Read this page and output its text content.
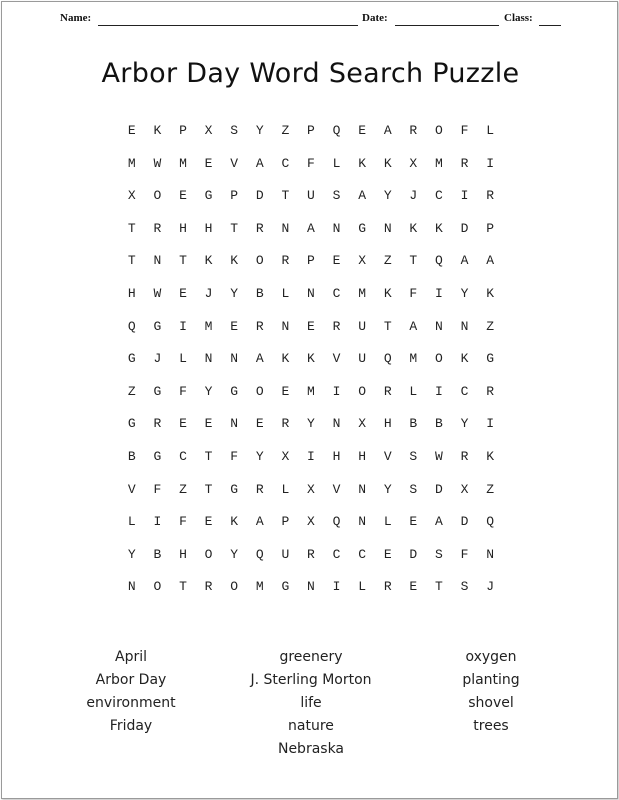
Name:	Date:	Class:
Arbor Day Word Search Puzzle
E	K	P	X	S	Y	Z	P	Q	E	A	R	O	F	L
M	W	M	E	V	A	C	F	L	K	K	X	M	R	I
X	O	E	G	P	D	T	U	S	A	Y	J	C	I	R
T	R	H	H	T	R	N	A	N	G	N	K	K	D	P
T	N	T	K	K	O	R	P	E	X	Z	T	Q	A	A
H	W	E	J	Y	B	L	N	C	M	K	F	I	Y	K
Q	G	I	M	E	R	N	E	R	U	T	A	N	N	Z
G	J	L	N	N	A	K	K	V	U	Q	M	O	K	G
Z	G	F	Y	G	O	E	M	I	O	R	L	I	C	R
G	R	E	E	N	E	R	Y	N	X	H	B	B	Y	I
B	G	C	T	F	Y	X	I	H	H	V	S	W	R	K
V	F	Z	T	G	R	L	X	V	N	Y	S	D	X	Z
L	I	F	E	K	A	P	X	Q	N	L	E	A	D	Q
Y	B	H	O	Y	Q	U	R	C	C	E	D	S	F	N
N	O	T	R	O	M	G	N	I	L	R	E	T	S	J
April
Arbor Day
environment
Friday
greenery
J. Sterling Morton
life
nature
Nebraska
oxygen
planting
shovel
trees
